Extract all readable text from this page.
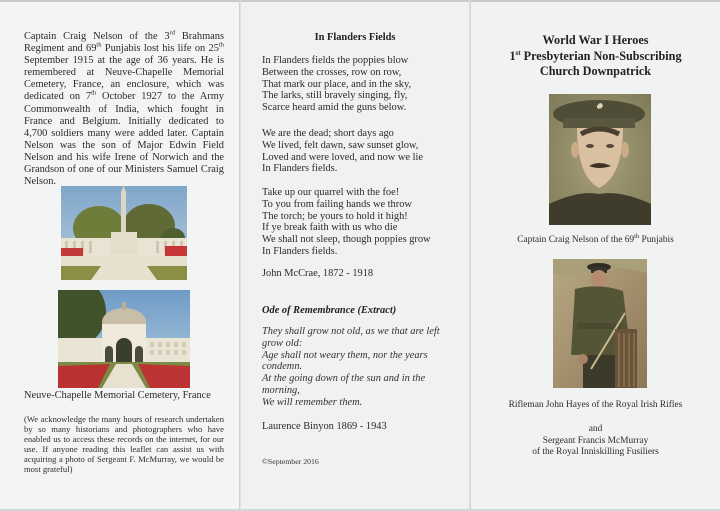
Captain Craig Nelson of the 3rd Brahmans Regiment and 69th Punjabis lost his life on 25th September 1915 at the age of 36 years. He is remembered at Neuve-Chapelle Memorial Cemetery, France, an enclosure, which was dedicated on 7th October 1927 to the Army Commonwealth of India, which fought in France and Belgium. Initially dedicated to 4,700 soldiers many were added later. Captain Nelson was the son of Major Edwin Field Nelson and his wife Irene of Norwich and the Grandson of one of our Ministers Samuel Craig Nelson.

Neuve-Chapelle Memorial Cemetery, France

(We acknowledge the many hours of research undertaken by so many historians and photographers who have enabled us to access these records on the internet, for our use. If anyone reading this leaflet can assist us with acquiring a photo of Sergeant F. McMurray, we would be most grateful)

In Flanders Fields
In Flanders fields the poppies blow
Between the crosses, row on row,
That mark our place, and in the sky,
The larks, still bravely singing, fly,
Scarce heard amid the guns below.
We are the dead; short days ago
We lived, felt dawn, saw sunset glow,
Loved and were loved, and now we lie
In Flanders fields.
Take up our quarrel with the foe!
To you from failing hands we throw
The torch; be yours to hold it high!
If ye break faith with us who die
We shall not sleep, though poppies grow
In Flanders fields.
John McCrae, 1872 - 1918
Ode of Remembrance (Extract)
They shall grow not old, as we that are left
grow old:
Age shall not weary them, nor the years
condemn.
At the going down of the sun and in the
morning,
We will remember them.
Laurence Binyon 1869 - 1943
©September 2016
World War I Heroes
1st Presbyterian Non-Subscribing
Church Downpatrick
Captain Craig Nelson of the 69th Punjabis
Rifleman John Hayes of the Royal Irish Rifles
and
Sergeant Francis McMurray
of the Royal Inniskilling Fusiliers
